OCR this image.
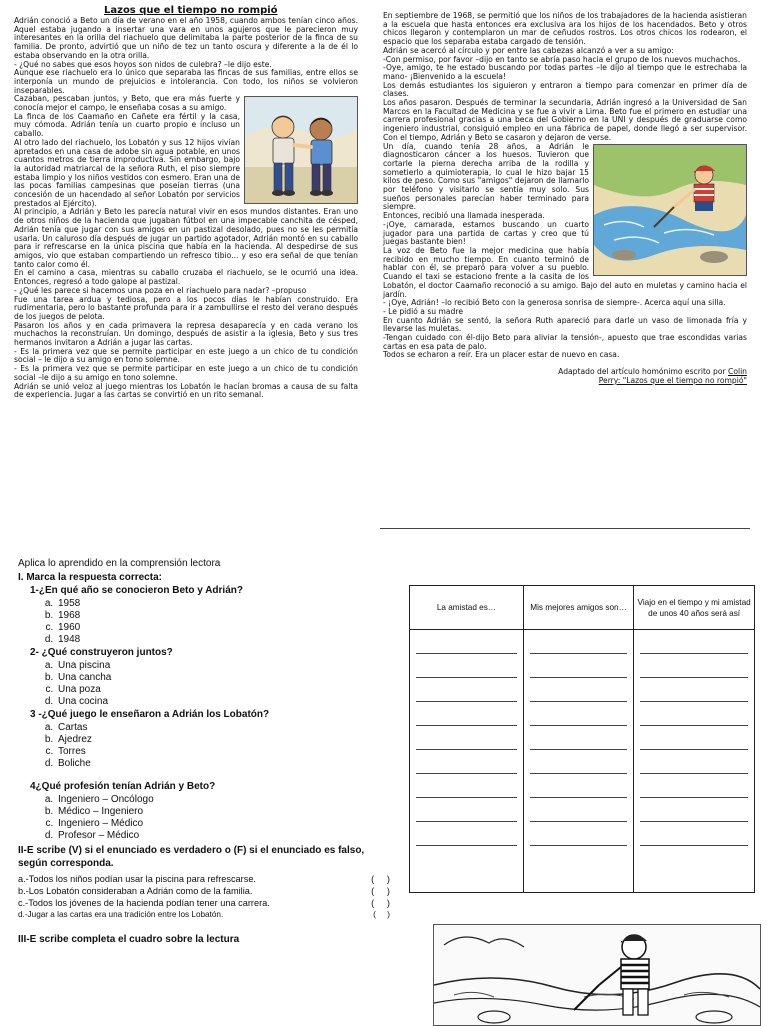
Lazos que el tiempo no rompió

Adrián conoció a Beto un día de verano en el año 1958, cuando ambos tenían cinco años. Aquel estaba jugando a insertar una vara en unos agujeros que le parecieron muy interesantes en la orilla del riachuelo que delimitaba la parte posterior de la finca de su familia. De pronto, advirtió que un niño de tez un tanto oscura y diferente a la de él lo estaba observando en la otra orilla.

- ¿Qué no sabes que esos hoyos son nidos de culebra? –le dijo este.

Aunque ese riachuelo era lo único que separaba las fincas de sus familias, entre ellos se interponía un mundo de prejuicios e intolerancia. Con todo, los niños se volvieron inseparables.

Cazaban, pescaban juntos, y Beto, que era más fuerte y conocía mejor el campo, le enseñaba cosas a su amigo.

La finca de los Caamaño en Cañete era fértil y la casa, muy cómoda. Adrián tenía un cuarto propio e incluso un caballo.

Al otro lado del riachuelo, los Lobatón y sus 12 hijos vivían apretados en una casa de adobe sin agua potable, en unos cuantos metros de tierra improductiva. Sin embargo, bajo la autoridad matriarcal de la señora Ruth, el piso siempre estaba limpio y los niños vestidos con esmero. Eran una de las pocas familias campesinas que poseían tierras (una concesión de un hacendado al señor Lobatón por servicios prestados al Ejército).

Al principio, a Adrián y Beto les parecía natural vivir en esos mundos distantes. Eran uno de otros niños de la hacienda que jugaban fútbol en una impecable canchita de césped, Adrián tenía que jugar con sus amigos en un pastizal desolado, pues no se les permitía usarla. Un caluroso día después de jugar un partido agotador, Adrián montó en su caballo para ir refrescarse en la única piscina que había en la hacienda. Al despedirse de sus amigos, vio que estaban compartiendo un refresco tibio... y eso era señal de que tenían tanto calor como él.

En el camino a casa, mientras su caballo cruzaba el riachuelo, se le ocurrió una idea. Entonces, regresó a todo galope al pastizal.

- ¿Qué les parece si hacemos una poza en el riachuelo para nadar? –propuso

Fue una tarea ardua y tediosa, pero a los pocos días le habían construido. Era rudimentaria, pero lo bastante profunda para ir a zambullirse el resto del verano después de los juegos de pelota.

Pasaron los años y en cada primavera la represa desaparecía y en cada verano los muchachos la reconstruían. Un domingo, después de asistir a la iglesia, Beto y sus tres hermanos invitaron a Adrián a jugar las cartas.

- Es la primera vez que se permite participar en este juego a un chico de tu condición social – le dijo a su amigo en tono solemne.

- Es la primera vez que se permite participar en este juego a un chico de tu condición social –le dijo a su amigo en tono solemne.

Adrián se unió veloz al juego mientras los Lobatón le hacían bromas a causa de su falta de experiencia. Jugar a las cartas se convirtió en un rito semanal.

En septiembre de 1968, se permitió que los niños de los trabajadores de la hacienda asistieran a la escuela que hasta entonces era exclusiva ara los hijos de los hacendados. Beto y otros chicos llegaron y contemplaron un mar de ceñudos rostros. Los otros chicos los rodearon, el espacio que los separaba estaba cargado de tensión.

Adrián se acercó al círculo y por entre las cabezas alcanzó a ver a su amigo:

-Con permiso, por favor –dijo en tanto se abría paso hacia el grupo de los nuevos muchachos.

-Oye, amigo, te he estado buscando por todas partes –le dijo al tiempo que le estrechaba la mano- ¡Bienvenido a la escuela!

Los demás estudiantes los siguieron y entraron a tiempo para comenzar en primer día de clases.

Los años pasaron. Después de terminar la secundaria, Adrián ingresó a la Universidad de San Marcos en la Facultad de Medicina y se fue a vivir a Lima. Beto fue el primero en estudiar una carrera profesional gracias a una beca del Gobierno en la UNI y después de graduarse como ingeniero industrial, consiguió empleo en una fábrica de papel, donde llegó a ser supervisor. Con el tiempo, Adrián y Beto se casaron y dejaron de verse.

Un día, cuando tenía 28 años, a Adrián le diagnosticaron cáncer a los huesos. Tuvieron que cortarle la pierna derecha arriba de la rodilla y sometierlo a quimioterapia, lo cual le hizo bajar 15 kilos de peso. Como sus "amigos" dejaron de llamarlo por teléfono y visitarlo se sentía muy solo. Sus sueños personales parecían haber terminado para siempre.

Entonces, recibió una llamada inesperada.

-¡Oye, camarada, estamos buscando un cuarto jugador para una partida de cartas y creo que tú juegas bastante bien!

La voz de Beto fue la mejor medicina que había recibido en mucho tiempo. En cuanto terminó de hablar con él, se preparó para volver a su pueblo. Cuando el taxi se estaciono frente a la casita de los Lobatón, el doctor Caamaño reconoció a su amigo. Bajo del auto en muletas y camino hacia el jardín.

- ¡Oye, Adrián! –lo recibió Beto con la generosa sonrisa de siempre-. Acerca aquí una silla.

- Le pidió a su madre

En cuanto Adrián se sentó, la señora Ruth apareció para darle un vaso de limonada fría y llevarse las muletas.

-Tengan cuidado con él-dijo Beto para aliviar la tensión-, apuesto que trae escondidas varias cartas en esa pata de palo.

Todos se echaron a reír. Era un placer estar de nuevo en casa.

Adaptado del artículo homónimo escrito por Colin
Perry: "Lazos que el tiempo no rompió"
Aplica lo aprendido en la comprensión lectora
I. Marca la respuesta correcta:
1-¿En qué año se conocieron Beto y Adrián?
a. 1958
b. 1968
c. 1960
d. 1948
2- ¿Qué construyeron juntos?
a. Una piscina
b. Una cancha
c. Una poza
d. Una cocina
3 -¿Qué juego le enseñaron a Adrián los Lobatón?
a. Cartas
b. Ajedrez
c. Torres
d. Boliche
4¿Qué profesión tenían Adrián y Beto?
a. Ingeniero – Oncólogo
b. Médico – Ingeniero
c. Ingeniero – Médico
d. Profesor – Médico
II-E scribe (V) si el enunciado es verdadero o (F) si el enunciado es falso, según corresponda.
a.-Todos los niños podían usar la piscina para refrescarse.	(     )
b.-Los Lobatón consideraban a Adrián como de la familia.	(     )
c.-Todos los jóvenes de la hacienda podían tener una carrera.	(     )
d.-Jugar a las cartas era una tradición entre los Lobatón.	(     )
III-E scribe completa el cuadro sobre la lectura
La amistad es…	Mis mejores amigos son…	Viajo en el tiempo y mi amistad de unos 40 años será así
